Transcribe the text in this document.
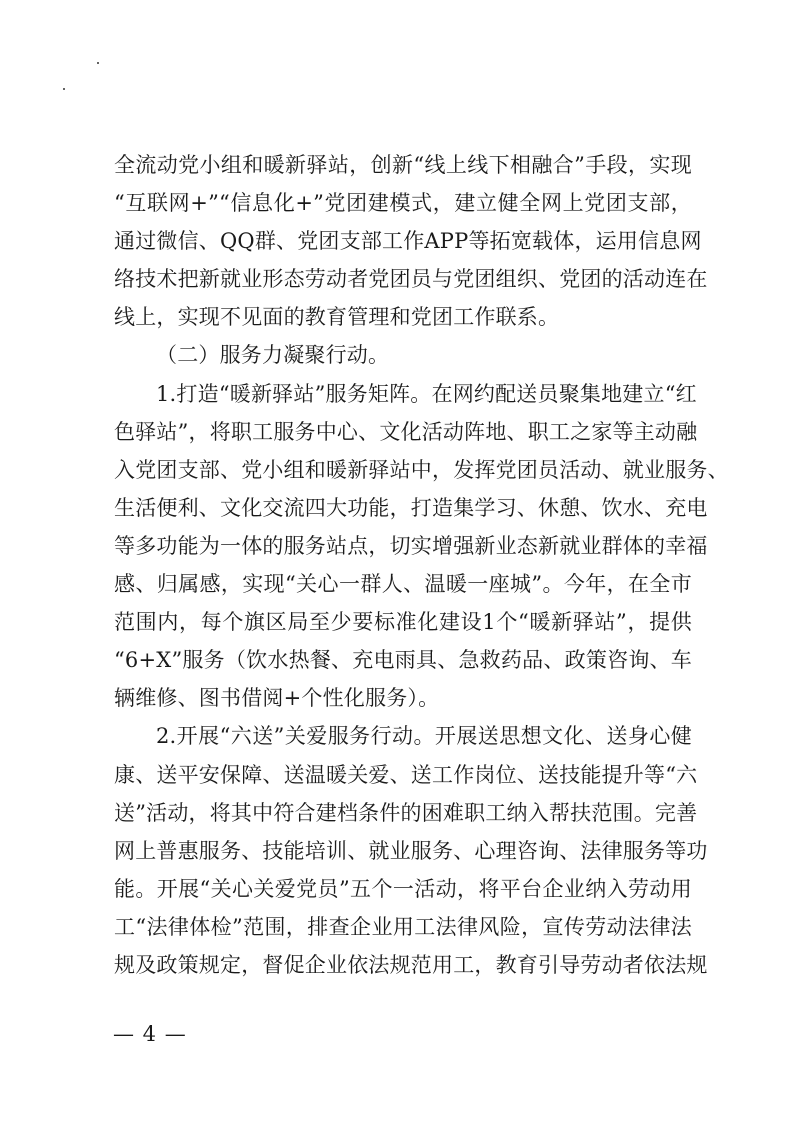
全流动党小组和暖新驿站，创新“线上线下相融合”手段，实现
“互联网+”“信息化+”党团建模式，建立健全网上党团支部，
通过微信、QQ群、党团支部工作APP等拓宽载体，运用信息网
络技术把新就业形态劳动者党团员与党团组织、党团的活动连在
线上，实现不见面的教育管理和党团工作联系。
（二）服务力凝聚行动。
1.打造“暖新驿站”服务矩阵。在网约配送员聚集地建立“红
色驿站”，将职工服务中心、文化活动阵地、职工之家等主动融
入党团支部、党小组和暖新驿站中，发挥党团员活动、就业服务、
生活便利、文化交流四大功能，打造集学习、休憩、饮水、充电
等多功能为一体的服务站点，切实增强新业态新就业群体的幸福
感、归属感，实现“关心一群人、温暖一座城”。今年，在全市
范围内，每个旗区局至少要标准化建设1个“暖新驿站”，提供
“6+X”服务（饮水热餐、充电雨具、急救药品、政策咨询、车
辆维修、图书借阅+个性化服务）。
2.开展“六送”关爱服务行动。开展送思想文化、送身心健
康、送平安保障、送温暖关爱、送工作岗位、送技能提升等“六
送”活动，将其中符合建档条件的困难职工纳入帮扶范围。完善
网上普惠服务、技能培训、就业服务、心理咨询、法律服务等功
能。开展“关心关爱党员”五个一活动，将平台企业纳入劳动用
工“法律体检”范围，排查企业用工法律风险，宣传劳动法律法
规及政策规定，督促企业依法规范用工，教育引导劳动者依法规
— 4 —
